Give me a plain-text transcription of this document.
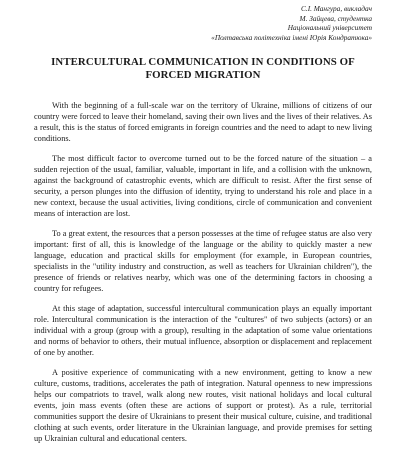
С.І. Мангура, викладач
М. Зайцева, студентка
Національний університет
«Полтавська політехніка імені Юрія Кондратюка»
INTERCULTURAL COMMUNICATION IN CONDITIONS OF
FORCED MIGRATION

With the beginning of a full-scale war on the territory of Ukraine, millions of citizens of our country were forced to leave their homeland, saving their own lives and the lives of their relatives. As a result, this is the status of forced emigrants in foreign countries and the need to adapt to new living conditions.

The most difficult factor to overcome turned out to be the forced nature of the situation – a sudden rejection of the usual, familiar, valuable, important in life, and a collision with the unknown, against the background of catastrophic events, which are difficult to resist. After the first sense of security, a person plunges into the diffusion of identity, trying to understand his role and place in a new context, because the usual activities, living conditions, circle of communication and convenient means of interaction are lost.

To a great extent, the resources that a person possesses at the time of refugee status are also very important: first of all, this is knowledge of the language or the ability to quickly master a new language, education and practical skills for employment (for example, in European countries, specialists in the "utility industry and construction, as well as teachers for Ukrainian children"), the presence of friends or relatives nearby, which was one of the determining factors in choosing a country for refugees.

At this stage of adaptation, successful intercultural communication plays an equally important role. Intercultural communication is the interaction of the "cultures" of two subjects (actors) or an individual with a group (group with a group), resulting in the adaptation of some value orientations and norms of behavior to others, their mutual influence, absorption or displacement and replacement of one by another.

A positive experience of communicating with a new environment, getting to know a new culture, customs, traditions, accelerates the path of integration. Natural openness to new impressions helps our compatriots to travel, walk along new routes, visit national holidays and local cultural events, join mass events (often these are actions of support or protest). As a rule, territorial communities support the desire of Ukrainians to present their musical culture, cuisine, and traditional clothing at such events, order literature in the Ukrainian language, and provide premises for setting up Ukrainian cultural and educational centers.
